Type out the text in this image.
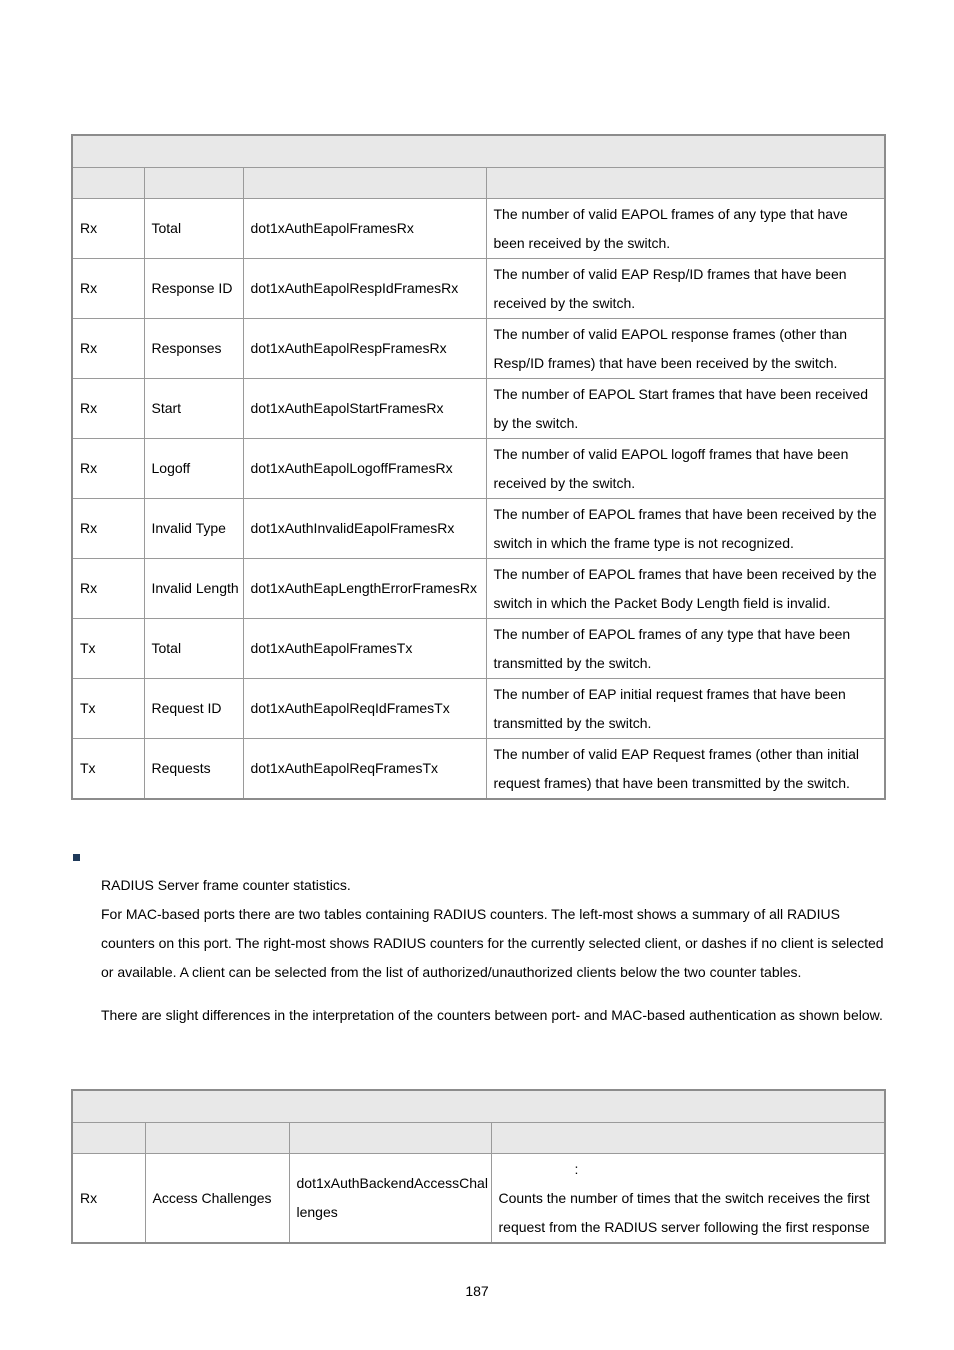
Rx	Total	dot1xAuthEapolFramesRx	The number of valid EAPOL frames of any type that have been received by the switch.
Rx	Response ID	dot1xAuthEapolRespIdFramesRx	The number of valid EAP Resp/ID frames that have been received by the switch.
Rx	Responses	dot1xAuthEapolRespFramesRx	The number of valid EAPOL response frames (other than Resp/ID frames) that have been received by the switch.
Rx	Start	dot1xAuthEapolStartFramesRx	The number of EAPOL Start frames that have been received by the switch.
Rx	Logoff	dot1xAuthEapolLogoffFramesRx	The number of valid EAPOL logoff frames that have been received by the switch.
Rx	Invalid Type	dot1xAuthInvalidEapolFramesRx	The number of EAPOL frames that have been received by the switch in which the frame type is not recognized.
Rx	Invalid Length	dot1xAuthEapLengthErrorFramesRx	The number of EAPOL frames that have been received by the switch in which the Packet Body Length field is invalid.
Tx	Total	dot1xAuthEapolFramesTx	The number of EAPOL frames of any type that have been transmitted by the switch.
Tx	Request ID	dot1xAuthEapolReqIdFramesTx	The number of EAP initial request frames that have been transmitted by the switch.
Tx	Requests	dot1xAuthEapolReqFramesTx	The number of valid EAP Request frames (other than initial request frames) that have been transmitted by the switch.

RADIUS Server frame counter statistics.

For MAC-based ports there are two tables containing RADIUS counters. The left-most shows a summary of all RADIUS counters on this port. The right-most shows RADIUS counters for the currently selected client, or dashes if no client is selected or available. A client can be selected from the list of authorized/unauthorized clients below the two counter tables.

There are slight differences in the interpretation of the counters between port- and MAC-based authentication as shown below.

Rx	Access Challenges	dot1xAuthBackendAccessChallenges	:
Counts the number of times that the switch receives the first request from the RADIUS server following the first response
187
